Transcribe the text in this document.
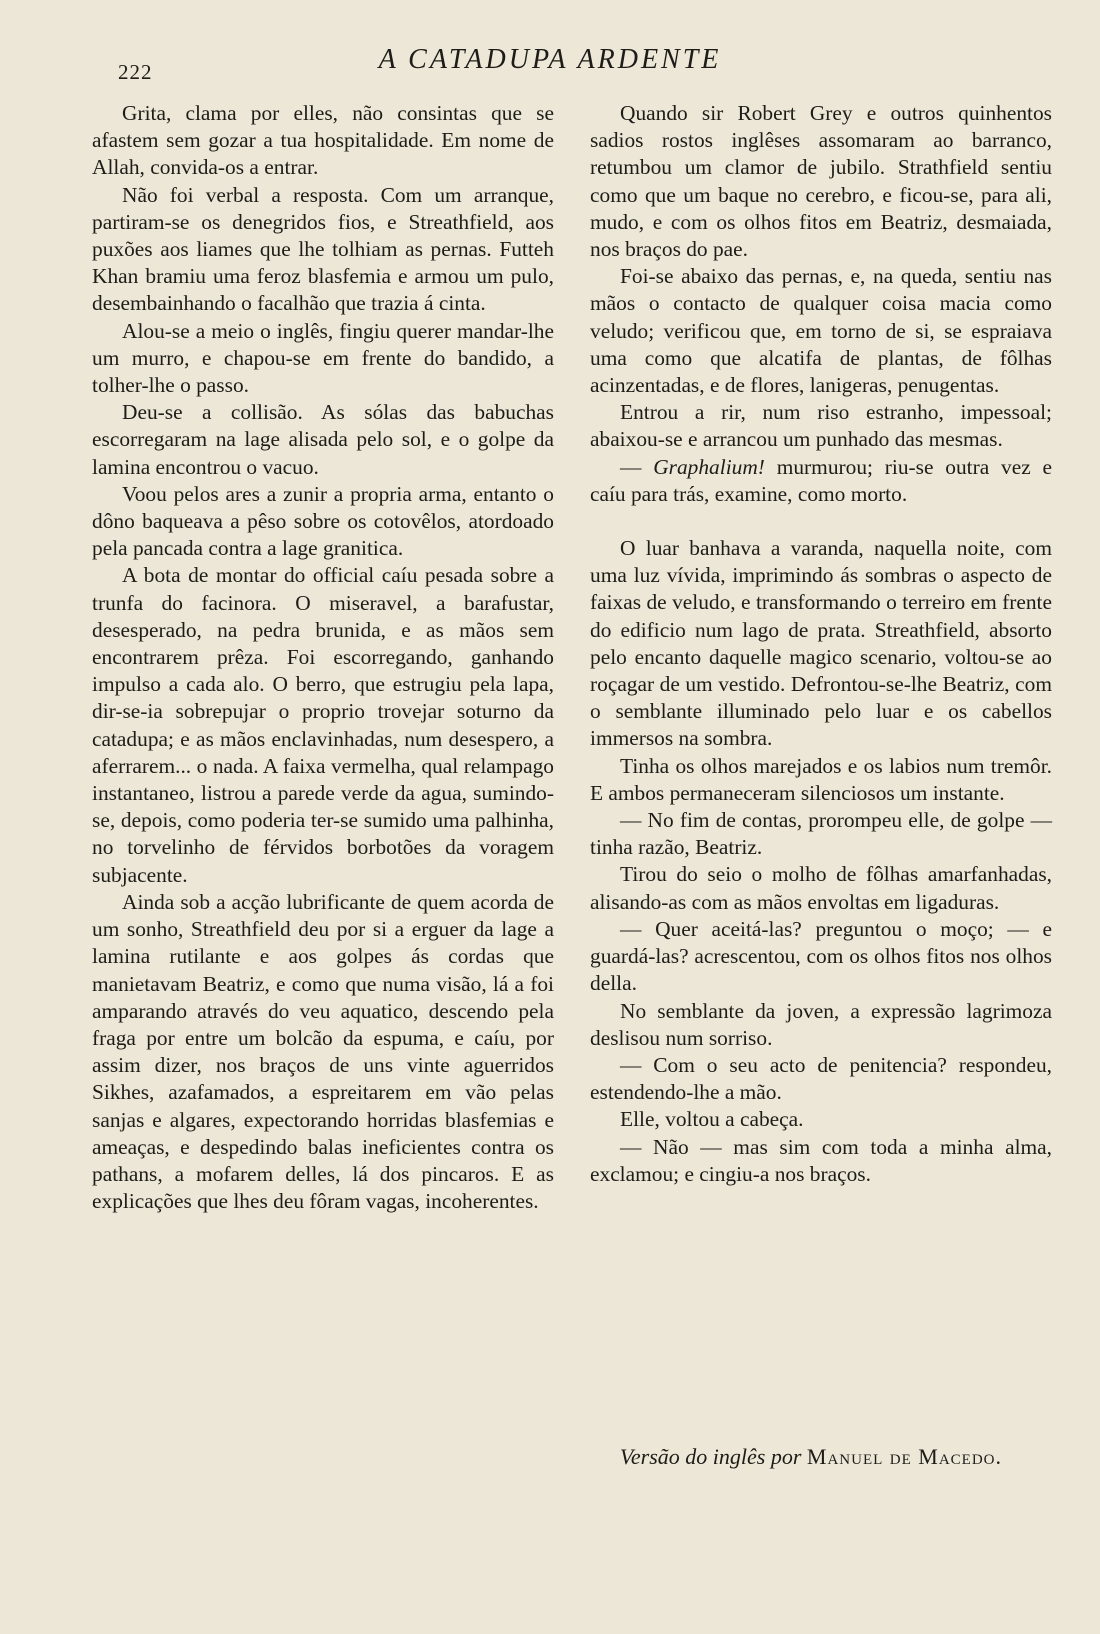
222	A CATADUPA ARDENTE

Grita, clama por elles, não consintas que se afastem sem gozar a tua hospitalidade. Em nome de Allah, convida-os a entrar.

Não foi verbal a resposta. Com um arranque, partiram-se os denegridos fios, e Streathfield, aos puxões aos liames que lhe tolhiam as pernas. Futteh Khan bramiu uma feroz blasfemia e armou um pulo, desembainhando o facalhão que trazia á cinta.

Alou-se a meio o inglês, fingiu querer mandar-lhe um murro, e chapou-se em frente do bandido, a tolher-lhe o passo.

Deu-se a collisão. As sólas das babuchas escorregaram na lage alisada pelo sol, e o golpe da lamina encontrou o vacuo.

Voou pelos ares a zunir a propria arma, entanto o dôno baqueava a pêso sobre os cotovêlos, atordoado pela pancada contra a lage granitica.

A bota de montar do official caíu pesada sobre a trunfa do facinora. O miseravel, a barafustar, desesperado, na pedra brunida, e as mãos sem encontrarem prêza. Foi escorregando, ganhando impulso a cada alo. O berro, que estrugiu pela lapa, dir-se-ia sobrepujar o proprio trovejar soturno da catadupa; e as mãos enclavinhadas, num desespero, a aferrarem... o nada. A faixa vermelha, qual relampago instantaneo, listrou a parede verde da agua, sumindo-se, depois, como poderia ter-se sumido uma palhinha, no torvelinho de férvidos borbotões da voragem subjacente.

Ainda sob a acção lubrificante de quem acorda de um sonho, Streathfield deu por si a erguer da lage a lamina rutilante e aos golpes ás cordas que manietavam Beatriz, e como que numa visão, lá a foi amparando através do veu aquatico, descendo pela fraga por entre um bolcão da espuma, e caíu, por assim dizer, nos braços de uns vinte aguerridos Sikhes, azafamados, a espreitarem em vão pelas sanjas e algares, expectorando horridas blasfemias e ameaças, e despedindo balas ineficientes contra os pathans, a mofarem delles, lá dos pincaros. E as explicações que lhes deu fôram vagas, incoherentes.

Quando sir Robert Grey e outros quinhentos sadios rostos inglêses assomaram ao barranco, retumbou um clamor de jubilo. Strathfield sentiu como que um baque no cerebro, e ficou-se, para ali, mudo, e com os olhos fitos em Beatriz, desmaiada, nos braços do pae.

Foi-se abaixo das pernas, e, na queda, sentiu nas mãos o contacto de qualquer coisa macia como veludo; verificou que, em torno de si, se espraiava uma como que alcatifa de plantas, de fôlhas acinzentadas, e de flores, lanigeras, penugentas.

Entrou a rir, num riso estranho, impessoal; abaixou-se e arrancou um punhado das mesmas.

— Graphalium! murmurou; riu-se outra vez e caíu para trás, examine, como morto.

O luar banhava a varanda, naquella noite, com uma luz vívida, imprimindo ás sombras o aspecto de faixas de veludo, e transformando o terreiro em frente do edificio num lago de prata. Streathfield, absorto pelo encanto daquelle magico scenario, voltou-se ao roçagar de um vestido. Defrontou-se-lhe Beatriz, com o semblante illuminado pelo luar e os cabellos immersos na sombra.

Tinha os olhos marejados e os labios num tremôr. E ambos permaneceram silenciosos um instante.

— No fim de contas, prorompeu elle, de golpe — tinha razão, Beatriz.

Tirou do seio o molho de fôlhas amarfanhadas, alisando-as com as mãos envoltas em ligaduras.

— Quer aceitá-las? preguntou o moço; — e guardá-las? acrescentou, com os olhos fitos nos olhos della.

No semblante da joven, a expressão lagrimoza deslisou num sorriso.

— Com o seu acto de penitencia? respondeu, estendendo-lhe a mão.

Elle, voltou a cabeça.

— Não — mas sim com toda a minha alma, exclamou; e cingiu-a nos braços.

Versão do inglês por Manuel de Macedo.
